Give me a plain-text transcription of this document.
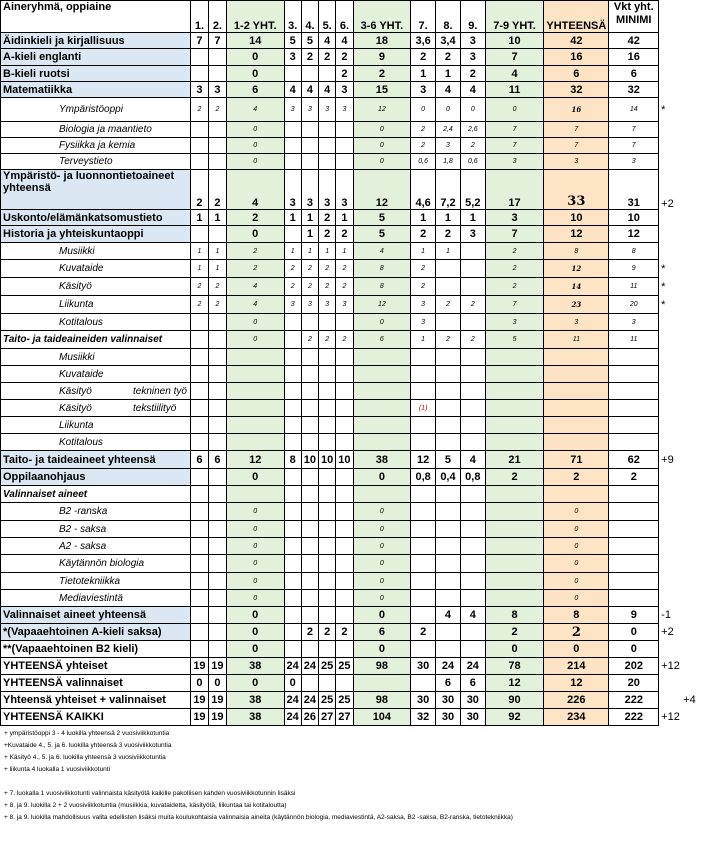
Aineryhmä, oppiaine	1.	2.	1-2 YHT.	3.	4.	5.	6.	3-6 YHT.	7.	8.	9.	7-9 YHT.	YHTEENSÄ	Vkt yht.
MINIMI	
Äidinkieli ja kirjallisuus	7	7	14	5	5	4	4	18	3,6	3,4	3	10	42	42	
A-kieli englanti			0	3	2	2	2	9	2	2	3	7	16	16	
B-kieli ruotsi			0				2	2	1	1	2	4	6	6	
Matematiikka	3	3	6	4	4	4	3	15	3	4	4	11	32	32	
Ympäristöoppi	2	2	4	3	3	3	3	12	0	0	0	0	16	14	*
Biologia ja maantieto			0					0	2	2,4	2,6	7	7	7	
Fysiikka ja kemia			0					0	2	3	2	7	7	7	
Terveystieto			0					0	0,6	1,8	0,6	3	3	3	

Ympäristö- ja luonnontietoaineet
yhteensä	2	2	4	3	3	3	3	12	4,6	7,2	5,2	17	33	31	+2
Uskonto/elämänkatsomustieto	1	1	2	1	1	2	1	5	1	1	1	3	10	10	
Historia ja yhteiskuntaoppi			0		1	2	2	5	2	2	3	7	12	12	
Musiikki	1	1	2	1	1	1	1	4	1	1		2	8	8	
Kuvataide	1	1	2	2	2	2	2	8	2			2	12	9	*
Käsityö	2	2	4	2	2	2	2	8	2			2	14	11	*
Liikunta	2	2	4	3	3	3	3	12	3	2	2	7	23	20	*
Kotitalous			0					0	3			3	3	3	
Taito- ja taideaineiden valinnaiset			0		2	2	2	6	1	2	2	5	11	11	
Musiikki															
Kuvataide															
Käsityö tekninen työ															
Käsityö tekstiilityö									(1)						
Liikunta															
Kotitalous															
Taito- ja taideaineet yhteensä	6	6	12	8	10	10	10	38	12	5	4	21	71	62	+9
Oppilaanohjaus			0					0	0,8	0,4	0,8	2	2	2	
Valinnaiset aineet															
B2 -ranska			0					0					0		
B2 - saksa			0					0					0		
A2 - saksa			0					0					0		
Käytännön biologia			0					0					0		
Tietotekniikka			0					0					0		
Mediaviestintä			0					0					0		
Valinnaiset aineet yhteensä			0					0		4	4	8	8	9	-1
*(Vapaaehtoinen A-kieli saksa)			0		2	2	2	6	2			2	2	0	+2
**(Vapaaehtoinen B2 kieli)			0					0				0	0	0	
YHTEENSÄ yhteiset	19	19	38	24	24	25	25	98	30	24	24	78	214	202	+12
YHTEENSÄ valinnaiset	0	0	0	0						6	6	12	12	20	
Yhteensä yhteiset + valinnaiset	19	19	38	24	24	25	25	98	30	30	30	90	226	222	+4
YHTEENSÄ KAIKKI	19	19	38	24	26	27	27	104	32	30	30	92	234	222	+12
+ ympäristöoppi 3 - 4 luokilla yhteensä 2 vuosiviikkotuntia
+Kuvataide 4., 5. ja 6. luokilla yhteensä 3 vuosiviikkotuntia
+ Käsityö 4., 5. ja 6. luokilla yhteensä 3 vuosiviikkotuntia
+ liikunta 4 luokalla 1 vuosiviikkotunti

+ 7. luokalla 1 vuosiviikkotunti valinnaista käsityötä kaikille pakollisen kahden vuosiviikkotunnin lisäksi
+ 8. ja 9. luokilla 2 + 2 vuosiviikkotuntia (musiikkia, kuvataidetta, käsityötä, liikuntaa tai kotitaloutta)
+ 8. ja 9. luokilla mahdollisuus valita edellisten lisäksi muita koulukohtaisia valinnaisia aineita (käytännön biologia, mediaviestintä, A2-saksa, B2 -saksa, B2-ranska, tietotekniikka)
